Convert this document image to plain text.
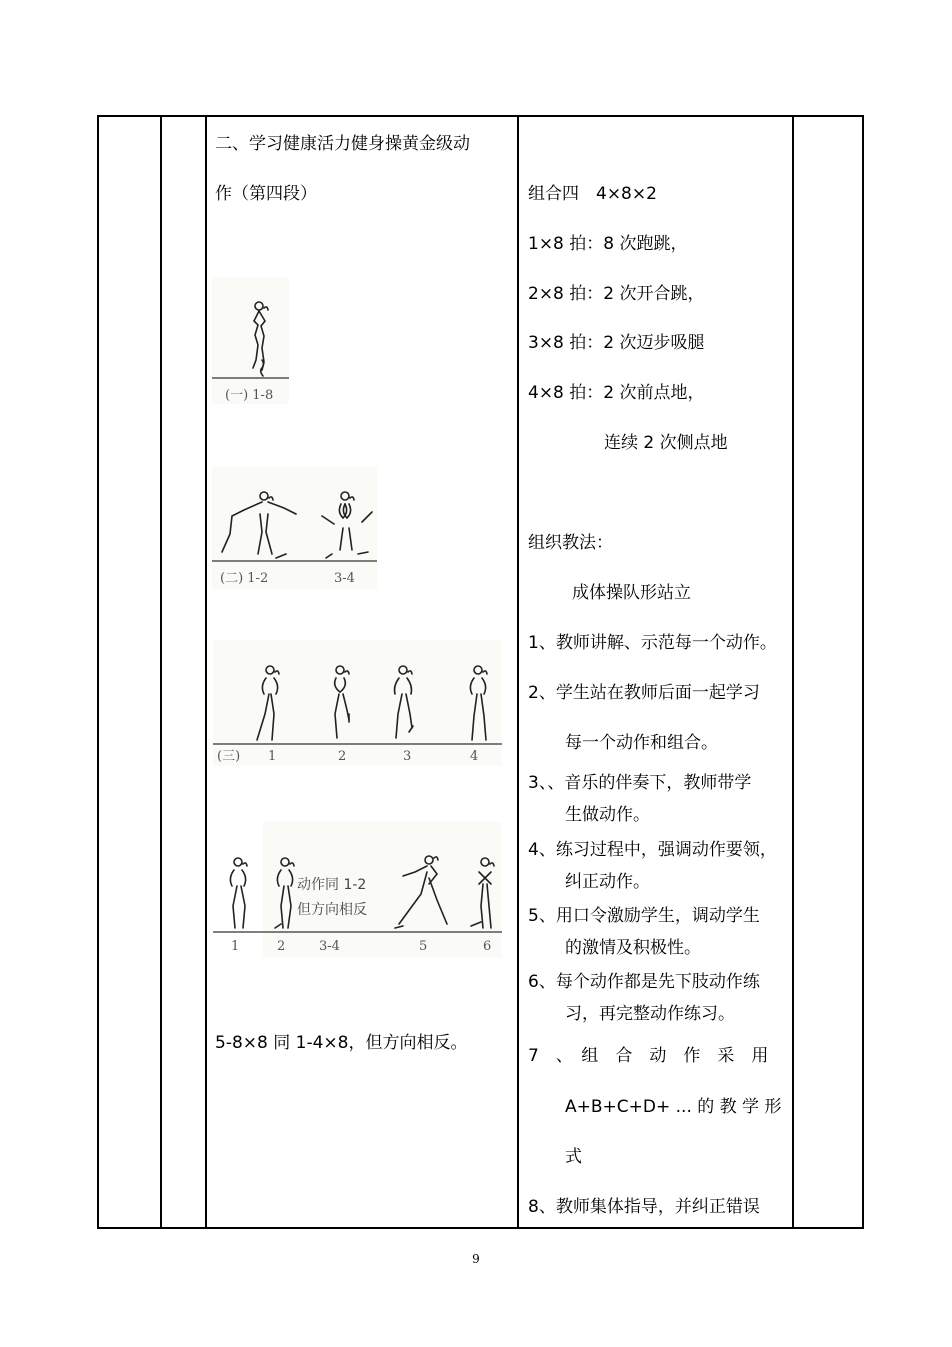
二、学习健康活力健身操黄金级动
作（第四段）
(一) 1-8
(二) 1-2	3-4
(三) 1	2	3	4
动作同 1-2
但方向相反
1	2	3-4	5	6
5-8×8 同 1-4×8，但方向相反。
组合四　4×8×2
1×8 拍：8 次跑跳，
2×8 拍：2 次开合跳，
3×8 拍：2 次迈步吸腿
4×8 拍：2 次前点地，
连续 2 次侧点地
组织教法：
成体操队形站立
1、教师讲解、示范每一个动作。
2、学生站在教师后面一起学习
每一个动作和组合。
3、、音乐的伴奏下，教师带学
生做动作。
4、练习过程中，强调动作要领，
纠正动作。
5、用口令激励学生，调动学生
的激情及积极性。
6、每个动作都是先下肢动作练
习，再完整动作练习。
7　、　组　合　动　作　采　用
A+B+C+D+ ... 的 教 学 形
式
8、教师集体指导，并纠正错误
9
